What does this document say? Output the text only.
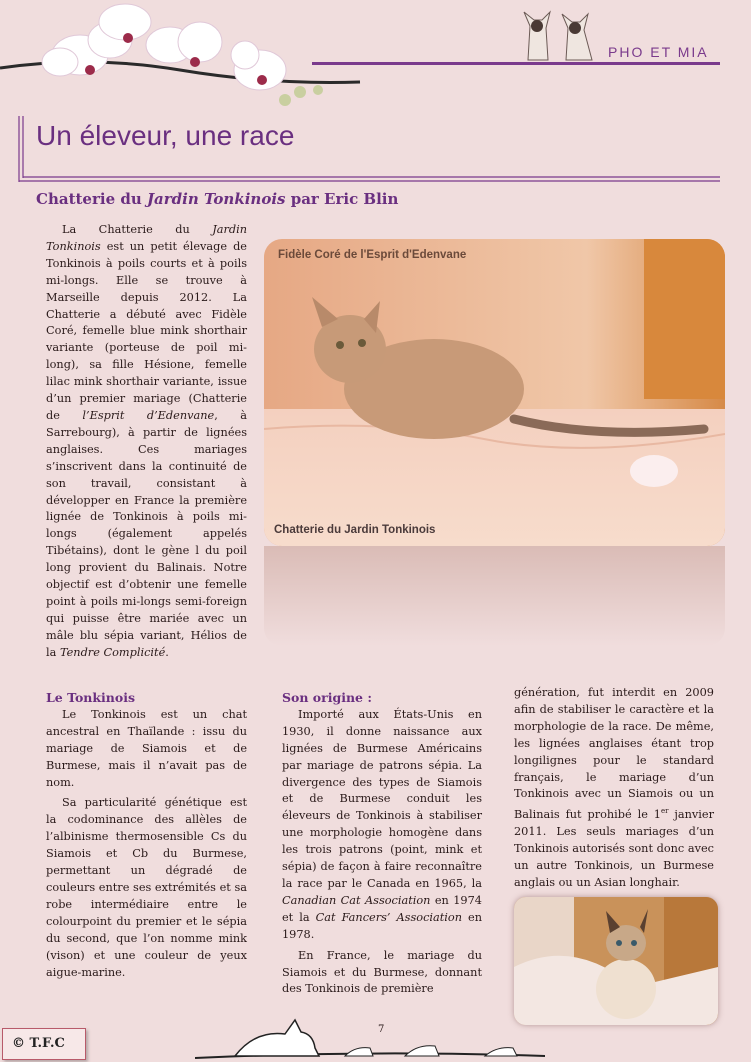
PHO ET MIA
Un éleveur, une race
Chatterie du Jardin Tonkinois par Eric Blin

La Chatterie du Jardin Tonkinois est un petit élevage de Tonkinois à poils courts et à poils mi-longs. Elle se trouve à Marseille depuis 2012. La Chatterie a débuté avec Fidèle Coré, femelle blue mink shorthair variante (porteuse de poil mi-long), sa fille Hésione, femelle lilac mink shorthair variante, issue d’un premier mariage (Chatterie de l’Esprit d’Edenvane, à Sarrebourg), à partir de lignées anglaises. Ces mariages s’inscrivent dans la continuité de son travail, consistant à développer en France la première lignée de Tonkinois à poils mi-longs (également appelés Tibétains), dont le gène l du poil long provient du Balinais. Notre objectif est d’obtenir une femelle point à poils mi-longs semi-foreign qui puisse être mariée avec un mâle blu sépia variant, Hélios de la Tendre Complicité.

Fidèle Coré de l'Esprit d'Edenvane
Chatterie du Jardin Tonkinois
Le Tonkinois

Le Tonkinois est un chat ancestral en Thaïlande : issu du mariage de Siamois et de Burmese, mais il n’avait pas de nom.

Sa particularité génétique est la codominance des allèles de l’albinisme thermosensible Cs du Siamois et Cb du Burmese, permettant un dégradé de couleurs entre ses extrémités et sa robe intermédiaire entre le colourpoint du premier et le sépia du second, que l’on nomme mink (vison) et une couleur de yeux aigue-marine.

Son origine :

Importé aux États-Unis en 1930, il donne naissance aux lignées de Burmese Américains par mariage de patrons sépia. La divergence des types de Siamois et de Burmese conduit les éleveurs de Tonkinois à stabiliser une morphologie homogène dans les trois patrons (point, mink et sépia) de façon à faire reconnaître la race par le Canada en 1965, la Canadian Cat Association en 1974 et la Cat Fancers’ Association en 1978.

En France, le mariage du Siamois et du Burmese, donnant des Tonkinois de première

génération, fut interdit en 2009 afin de stabiliser le caractère et la morphologie de la race. De même, les lignées anglaises étant trop longilignes pour le standard français, le mariage d’un Tonkinois avec un Siamois ou un Balinais fut prohibé le 1er janvier 2011. Les seuls mariages d’un Tonkinois autorisés sont donc avec un autre Tonkinois, un Burmese anglais ou un Asian longhair.

© T.F.C
7
